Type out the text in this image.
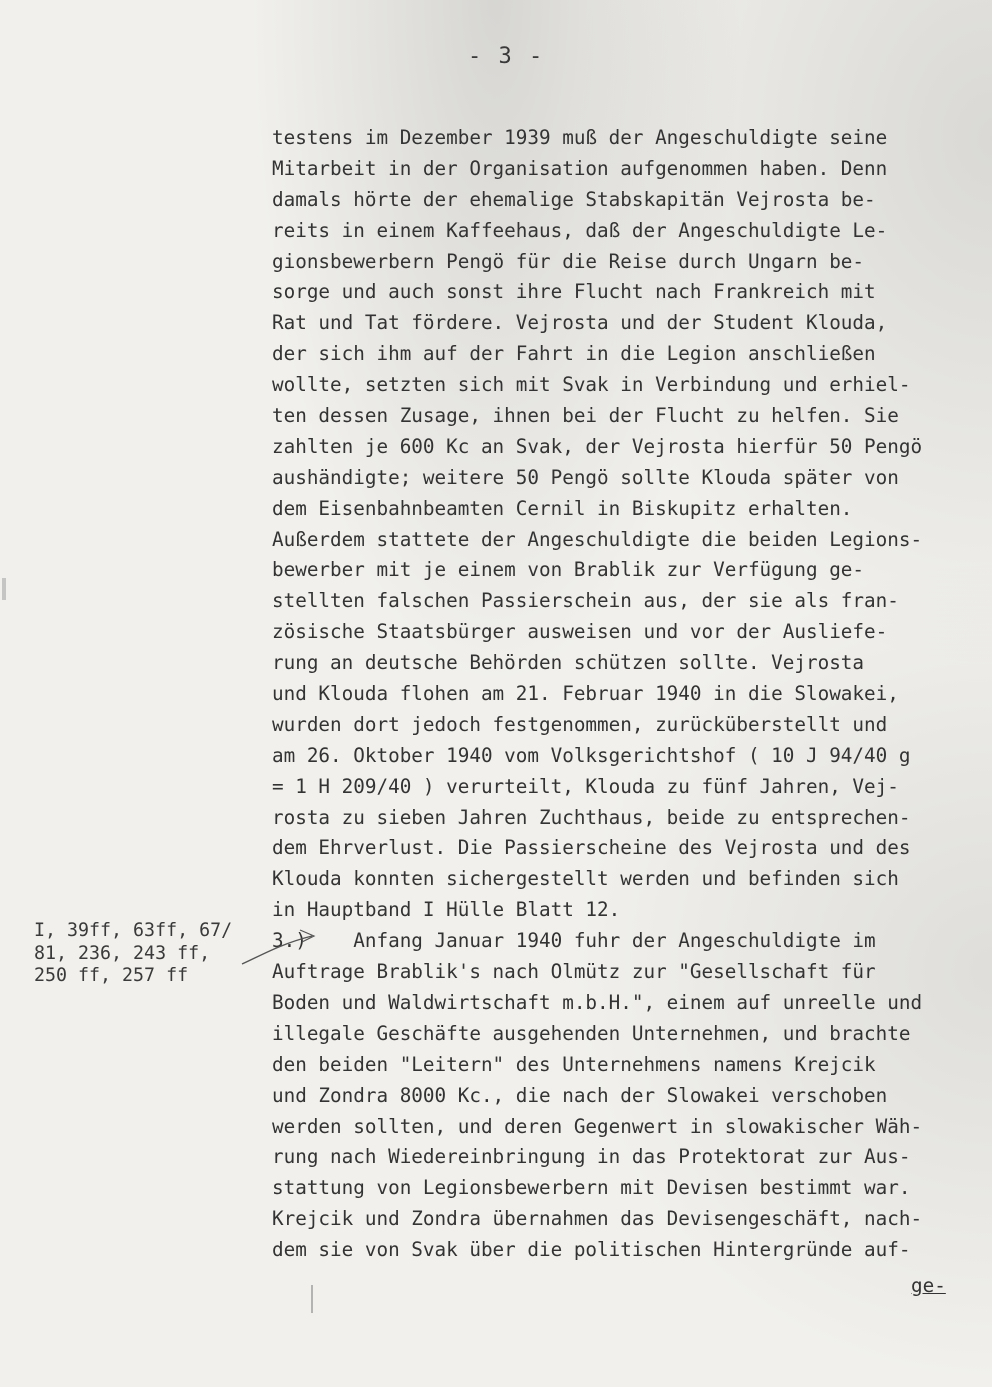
- 3 -
testens im Dezember 1939 muß der Angeschuldigte seine
Mitarbeit in der Organisation aufgenommen haben. Denn
damals hörte der ehemalige Stabskapitän Vejrosta be-
reits in einem Kaffeehaus, daß der Angeschuldigte Le-
gionsbewerbern Pengö für die Reise durch Ungarn be-
sorge und auch sonst ihre Flucht nach Frankreich mit
Rat und Tat fördere. Vejrosta und der Student Klouda,
der sich ihm auf der Fahrt in die Legion anschließen
wollte, setzten sich mit Svak in Verbindung und erhiel-
ten dessen Zusage, ihnen bei der Flucht zu helfen. Sie
zahlten je 600 Kc an Svak, der Vejrosta hierfür 50 Pengö
aushändigte; weitere 50 Pengö sollte Klouda später von
dem Eisenbahnbeamten Cernil in Biskupitz erhalten.
Außerdem stattete der Angeschuldigte die beiden Legions-
bewerber mit je einem von Brablik zur Verfügung ge-
stellten falschen Passierschein aus, der sie als fran-
zösische Staatsbürger ausweisen und vor der Ausliefe-
rung an deutsche Behörden schützen sollte. Vejrosta
und Klouda flohen am 21. Februar 1940 in die Slowakei,
wurden dort jedoch festgenommen, zurücküberstellt und
am 26. Oktober 1940 vom Volksgerichtshof ( 10 J 94/40 g
= 1 H 209/40 ) verurteilt, Klouda zu fünf Jahren, Vej-
rosta zu sieben Jahren Zuchthaus, beide zu entsprechen-
dem Ehrverlust. Die Passierscheine des Vejrosta und des
Klouda konnten sichergestellt werden und befinden sich
in Hauptband I Hülle Blatt 12.
3.)    Anfang Januar 1940 fuhr der Angeschuldigte im
Auftrage Brablik's nach Olmütz zur "Gesellschaft für
Boden und Waldwirtschaft m.b.H.", einem auf unreelle und
illegale Geschäfte ausgehenden Unternehmen, und brachte
den beiden "Leitern" des Unternehmens namens Krejcik
und Zondra 8000 Kc., die nach der Slowakei verschoben
werden sollten, und deren Gegenwert in slowakischer Wäh-
rung nach Wiedereinbringung in das Protektorat zur Aus-
stattung von Legionsbewerbern mit Devisen bestimmt war.
Krejcik und Zondra übernahmen das Devisengeschäft, nach-
dem sie von Svak über die politischen Hintergründe auf-
I, 39ff, 63ff, 67/
81, 236, 243 ff,
250 ff, 257 ff
ge-
